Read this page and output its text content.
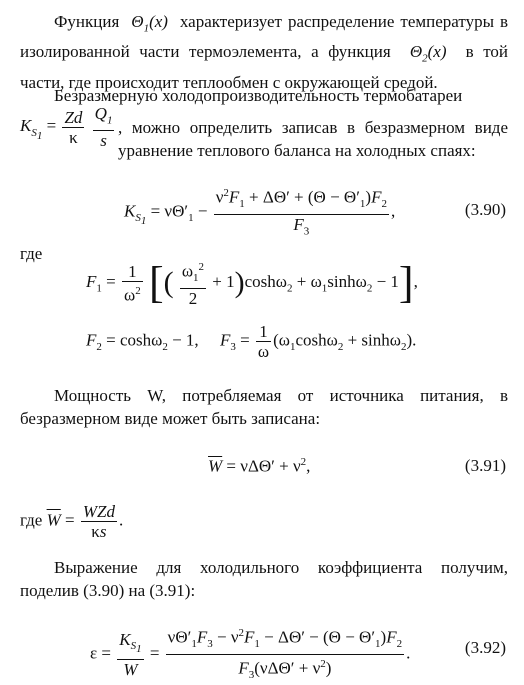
Функция  $\Theta_1(x)$  характеризует распределение температуры в изолированной части термоэлемента, а функция  $\Theta_2(x)$  в той части, где происходит теплообмен с окружающей средой.
Безразмерную холодопроизводительность термобатареи
$K_{S_1} = \frac{Zd}{\kappa}$
$\frac{Q_1}{s}$ , можно определить записав в безразмерном виде уравнение теплового баланса на холодных спаях:
$K_{S_1} = \nu\Theta'_1 - \frac{\nu^2F_1 + \Delta\Theta' + (\Theta - \Theta'_1)F_2}{F_3}$ ,	(3.90)
где
$F_1 = \frac{1}{\omega^2}$ [( $\frac{\omega_1^2}{2} + 1)\cosh\omega_2 + \omega_1\sinh\omega_2 - 1$],
$F_2 = \cosh\omega_2 - 1$,     $F_3 = \frac{1}{\omega} (\omega_1\cosh\omega_2 + \sinh\omega_2)$.
Мощность W, потребляемая от источника питания, в безразмерном виде может быть записана:
$\overline{W} = \nu\Delta\Theta' + \nu^2$,	(3.91)
где $\overline{W} = \frac{\text{WZd}}{\kappa s}$ .
Выражение для холодильного коэффициента получим, поделив (3.90) на (3.91):
$\varepsilon = \frac{K_{S_1}}{W} = \frac{\nu\Theta'_1F_3 - \nu^2F_1 - \Delta\Theta' - (\Theta - \Theta'_1)F_2}{F_3(\nu\Delta\Theta' + \nu^2)}$ .	(3.92)
